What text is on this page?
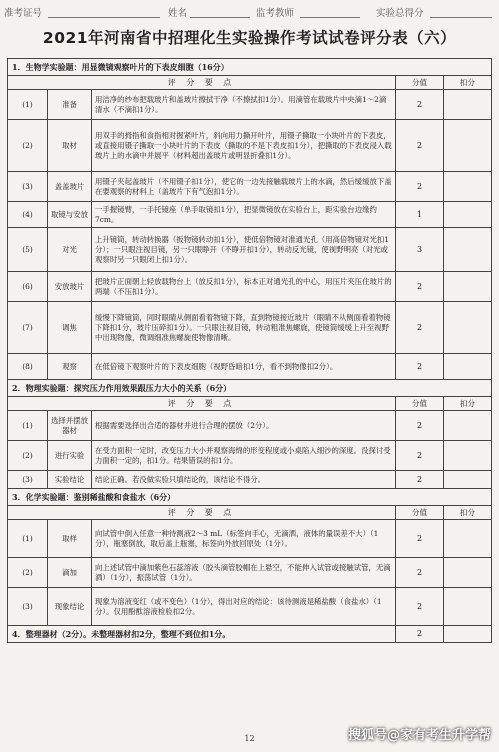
准考证号	姓名	监考教师	实验总得分
2021年河南省中招理化生实验操作考试试卷评分表（六）
1．生物学实验题：用显微镜观察叶片的下表皮细胞（16分）				
评 分 要 点			分值	扣分
(1)	准备	用洁净的纱布把载玻片和盖玻片擦拭干净（不擦拭扣1分）。用滴管在载玻片中央滴1～2滴清水（不滴扣1分）。	2	
(2)	取材	用双手的拇指和食指相对握紧叶片，斜向用力撕开叶片，用镊子撕取一小块叶片的下表皮，或直接用镊子撕取一小块叶片的下表皮（撕取的不是下表皮扣1分），把撕取的下表皮浸入载玻片上的水滴中并展平（材料超出盖玻片或明显折叠扣1分）。	2	
(3)	盖盖玻片	用镊子夹起盖玻片（不用镊子扣1分），使它的一边先接触载玻片上的水滴，然后缓缓放下盖在要观察的材料上（盖玻片下有气泡扣1分）。	2	
(4)	取镜与安放	一手握镜臂，一手托镜座（单手取镜扣1分），把显微镜放在实验台上，距实验台边缘约7cm。	1	
(5)	对光	上升镜筒，转动转换器（扳物镜转动扣1分），使低倍物镜对准通光孔（用高倍物镜对光扣1分）；一只眼注视目镜，另一只眼睁开（不睁开扣1分），转动反光镜，使视野明亮（对光或观察时另一只眼闭上扣1分）。	3	
(6)	安放玻片	把玻片正面朝上轻放载物台上（放反扣1分），标本正对通光孔的中心，用压片夹压住玻片的两端（不压扣1分）。	2	
(7)	调焦	缓慢下降镜筒，同时眼睛从侧面看着物镜下降，直到物镜接近玻片（眼睛不从侧面看着物镜下降扣1分，玻片压碎扣1分）。一只眼注视目镜，转动粗准焦螺旋，使镜筒缓缓上升至视野中出现物像，微调细准焦螺旋使物像清晰。	2	
(8)	观察	在低倍镜下观察叶片的下表皮细胞（视野昏暗扣1分，看不到物像扣2分）。	2	
2．物理实验题：探究压力作用效果跟压力大小的关系（6分）				
评 分 要 点			分值	扣分
(1)	选择并摆放器材	根据需要选择出合适的器材并进行合理的摆放（2分）。	2	
(2)	进行实验	在受力面积一定时，改变压力大小并观察海绵的形变程度或小桌陷入细沙的深度。没探讨受力面积一定的，扣1分。结果错误的扣1分。	2	
(3)	实验结论	结论正确。若没做实验只填结论的，该结论不得分。	2	
3．化学实验题：鉴别稀盐酸和食盐水（6分）				
评 分 要 点			分值	扣分
(1)	取样	向试管中倒入任意一种待测液2～3 mL（标签向手心，无滴洒，液体的量误差不大）（1分），瓶塞倒放，取后盖上瓶塞，标签向外放回原处（1分）。	2	
(2)	滴加	向上述试管中滴加紫色石蕊溶液（胶头滴管胶帽在上悬空，不能伸入试管或接触试管，无滴洒）（1分），振荡试管（1分）。	2	
(3)	现象结论	现象为溶液变红（或不变色）（1分），得出对应的结论：该待测液是稀盐酸（食盐水）（1分）。仅用酚酞溶液检验扣2分。	2	
4．整理器材（2分）。未整理器材扣2分，整理不到位扣1分。			2	
12	搜狐号@家有考生升学帮
